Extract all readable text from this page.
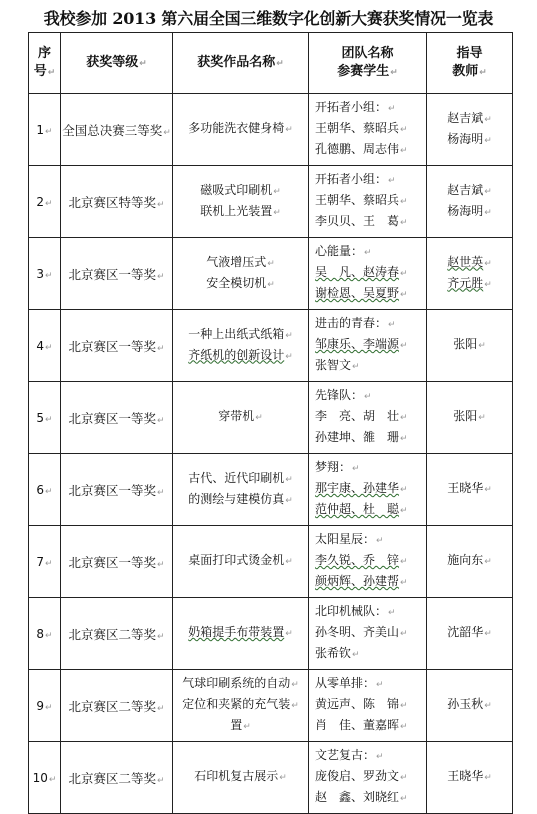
我校参加 2013 第六届全国三维数字化创新大赛获奖情况一览表
序
号↵	获奖等级↵	获奖作品名称↵	团队名称
参赛学生↵	指导
教师↵

1↵	全国总决赛三等奖↵	多功能洗衣健身椅↵	开拓者小组：↵
王朝华、蔡昭兵↵
孔德鹏、周志伟↵	赵吉斌↵
杨海明↵

2↵	北京赛区特等奖↵	磁吸式印刷机↵
联机上光装置↵	开拓者小组：↵
王朝华、蔡昭兵↵
李贝贝、王　葛↵	赵吉斌↵
杨海明↵

3↵	北京赛区一等奖↵	气液增压式↵
安全模切机↵	心能量：↵
吴　凡、赵涛春↵
谢检恩、吴夏野↵	赵世英↵
齐元胜↵

4↵	北京赛区一等奖↵	一种上出纸式纸箱↵
齐纸机的创新设计↵	进击的青春：↵
邹康乐、李端源↵
张智文↵	张阳↵

5↵	北京赛区一等奖↵	穿带机↵	先锋队：↵
李　亮、胡　壮↵
孙建坤、雒　珊↵	张阳↵

6↵	北京赛区一等奖↵	古代、近代印刷机↵
的测绘与建模仿真↵	梦翔：↵
那宇康、孙建华↵
范仲超、杜　聪↵	王晓华↵

7↵	北京赛区一等奖↵	桌面打印式烫金机↵	太阳星辰：↵
李久锐、乔　锌↵
颜炳辉、孙建帮↵	施向东↵

8↵	北京赛区二等奖↵	奶箱提手布带装置↵	北印机械队：↵
孙冬明、齐美山↵
张希钦↵	沈韶华↵

9↵	北京赛区二等奖↵	气球印刷系统的自动↵
定位和夹紧的充气装↵
置↵	从零单排：↵
黄远声、陈　锦↵
肖　佳、董嘉晖↵	孙玉秋↵

10↵	北京赛区二等奖↵	石印机复古展示↵	文艺复古：↵
庞俊启、罗劲文↵
赵　鑫、刘晓红↵	王晓华↵
